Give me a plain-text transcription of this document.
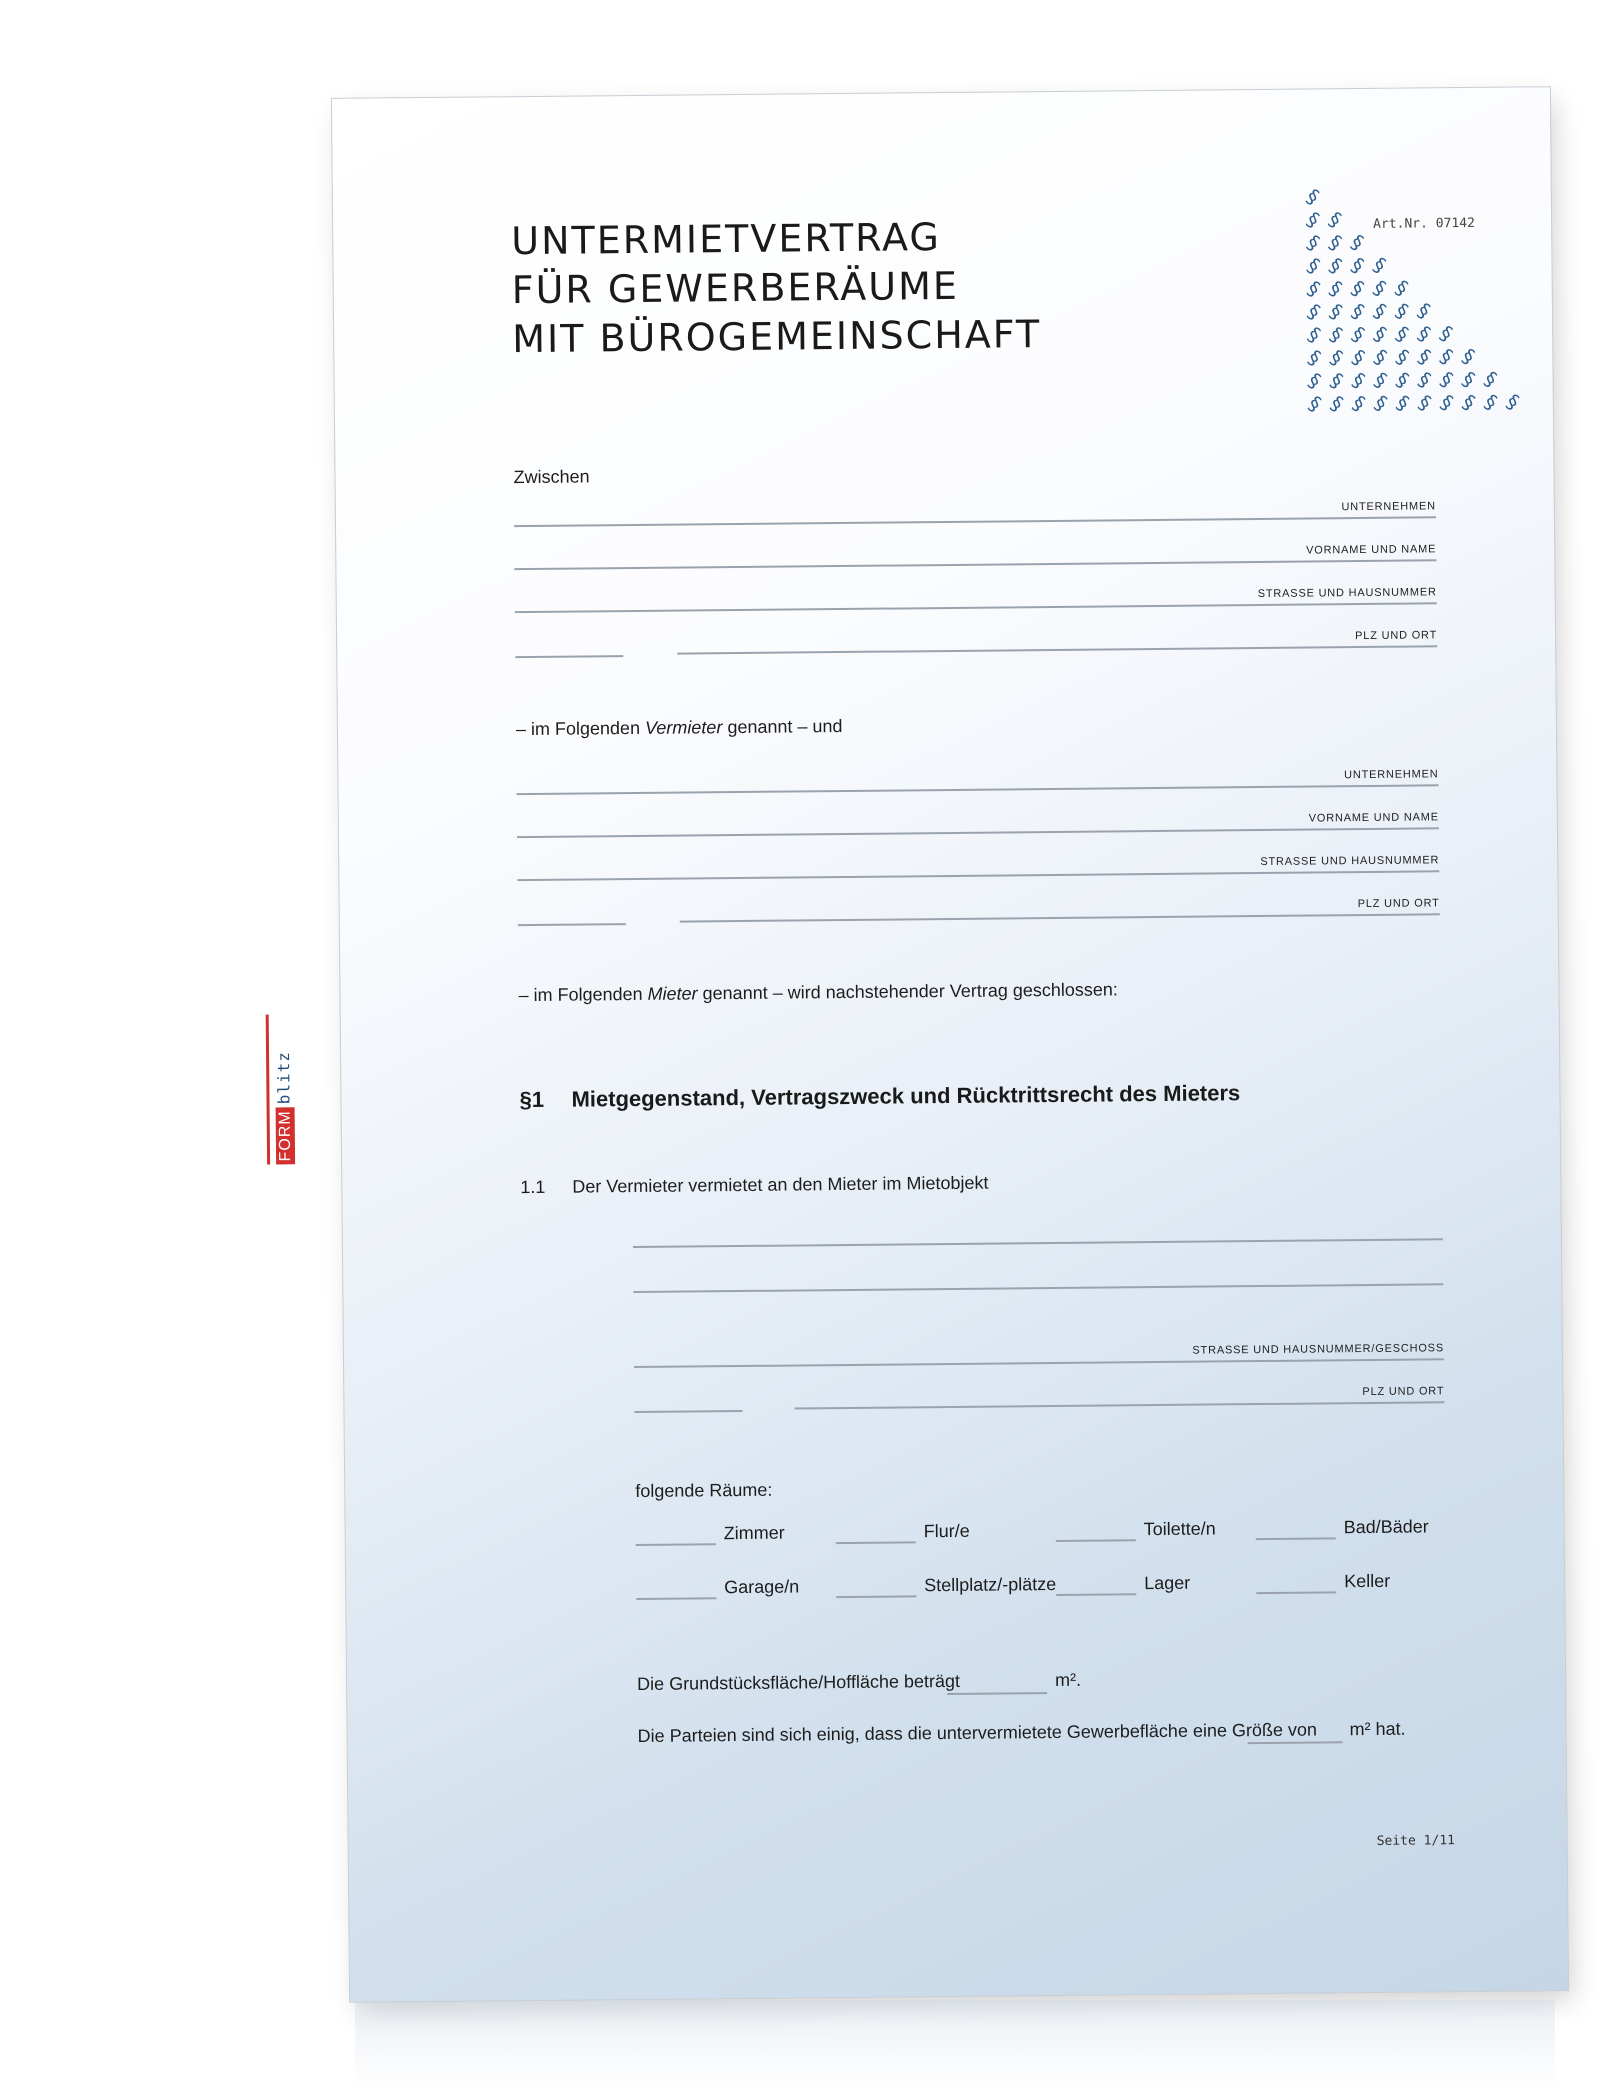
UNTERMIETVERTRAG
FÜR GEWERBERÄUME
MIT BÜROGEMEINSCHAFT
Art.Nr. 07142
§
§ §
§ § §
§ § § §
§ § § § §
§ § § § § §
§ § § § § § §
§ § § § § § § §
§ § § § § § § § §
§ § § § § § § § § §
Zwischen
UNTERNEHMEN
VORNAME UND NAME
STRASSE UND HAUSNUMMER
PLZ UND ORT
– im Folgenden Vermieter genannt – und
UNTERNEHMEN
VORNAME UND NAME
STRASSE UND HAUSNUMMER
PLZ UND ORT
– im Folgenden Mieter genannt – wird nachstehender Vertrag geschlossen:
FORMblitz	§1 Mietgegenstand, Vertragszweck und Rücktrittsrecht des Mieters
1.1 Der Vermieter vermietet an den Mieter im Mietobjekt
STRASSE UND HAUSNUMMER/GESCHOSS
PLZ UND ORT
folgende Räume:
Zimmer	Flur/e	Toilette/n	Bad/Bäder
Garage/n	Stellplatz/-plätze	Lager	Keller
Die Grundstücksfläche/Hoffläche beträgt	m².
Die Parteien sind sich einig, dass die untervermietete Gewerbefläche eine Größe von m² hat.
Seite 1/11
